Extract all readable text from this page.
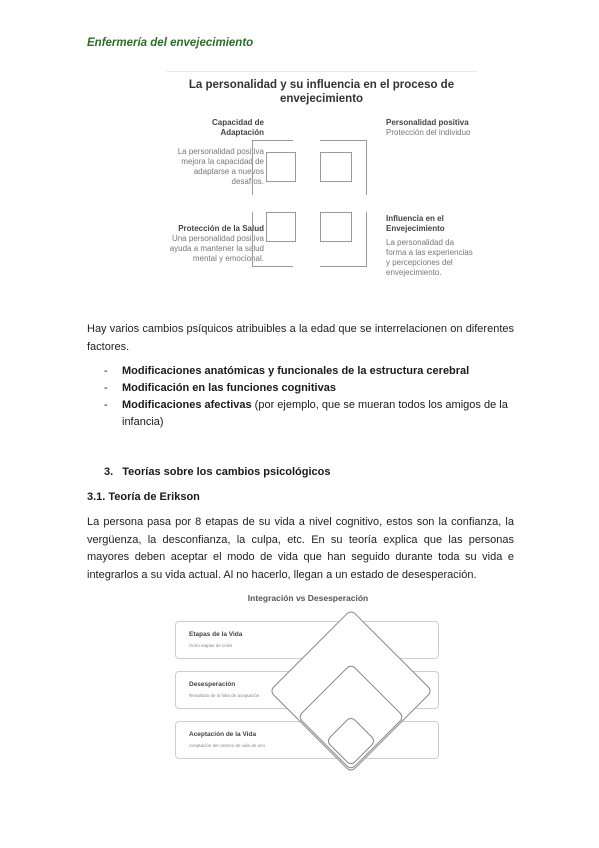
Enfermería del envejecimiento
La personalidad y su influencia en el proceso de envejecimiento
Capacidad de Adaptación
La personalidad positiva mejora la capacidad de adaptarse a nuevos desafíos.
Personalidad positiva
Protección del individuo
Protección de la Salud
Una personalidad positiva ayuda a mantener la salud mental y emocional.
Influencia en el Envejecimiento
La personalidad da forma a las experiencias y percepciones del envejecimiento.
Hay varios cambios psíquicos atribuibles a la edad que se interrelacionen on diferentes factores.
- Modificaciones anatómicas y funcionales de la estructura cerebral
- Modificación en las funciones cognitivas
- Modificaciones afectivas (por ejemplo, que se mueran todos los amigos de la infancia)
3. Teorías sobre los cambios psicológicos
3.1. Teoría de Erikson
La persona pasa por 8 etapas de su vida a nivel cognitivo, estos son la confianza, la vergüenza, la desconfianza, la culpa, etc. En su teoría explica que las personas mayores deben aceptar el modo de vida que han seguido durante toda su vida e integrarlos a su vida actual. Al no hacerlo, llegan a un estado de desesperación.
Integración vs Desesperación
Etapas de la Vida
Ocho etapas de crisis
Desesperación
Resultado de la falta de aceptación
Aceptación de la Vida
Aceptación del camino de vida de uno
